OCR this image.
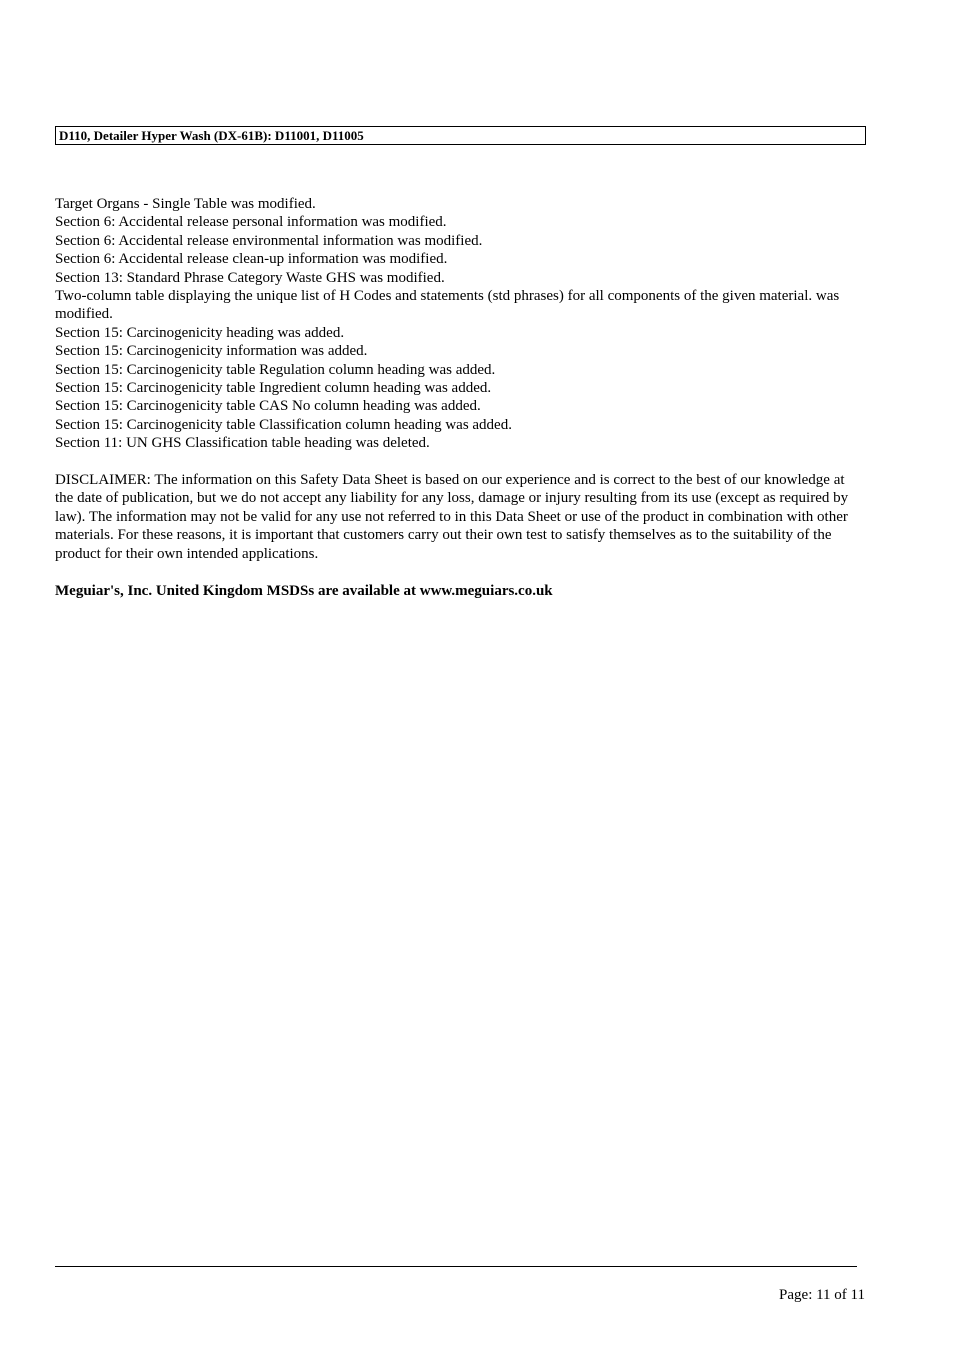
D110, Detailer Hyper Wash (DX-61B): D11001, D11005
Target Organs - Single Table was modified.
Section 6: Accidental release personal information was modified.
Section 6: Accidental release environmental information was modified.
Section 6: Accidental release clean-up information was modified.
Section 13: Standard Phrase Category Waste GHS was modified.
Two-column table displaying the unique list of H Codes and statements (std phrases) for all components of the given material. was modified.
Section 15: Carcinogenicity heading was added.
Section 15: Carcinogenicity information was added.
Section 15: Carcinogenicity table Regulation column heading was added.
Section 15: Carcinogenicity table Ingredient column heading was added.
Section 15: Carcinogenicity table CAS No column heading was added.
Section 15: Carcinogenicity table Classification column heading was added.
Section 11: UN GHS Classification table heading was deleted.

DISCLAIMER: The information on this Safety Data Sheet is based on our experience and is correct to the best of our knowledge at the date of publication, but we do not accept any liability for any loss, damage or injury resulting from its use (except as required by law). The information may not be valid for any use not referred to in this Data Sheet or use of the product in combination with other materials. For these reasons, it is important that customers carry out their own test to satisfy themselves as to the suitability of the product for their own intended applications.

Meguiar's, Inc. United Kingdom MSDSs are available at www.meguiars.co.uk

Page: 11 of 11
